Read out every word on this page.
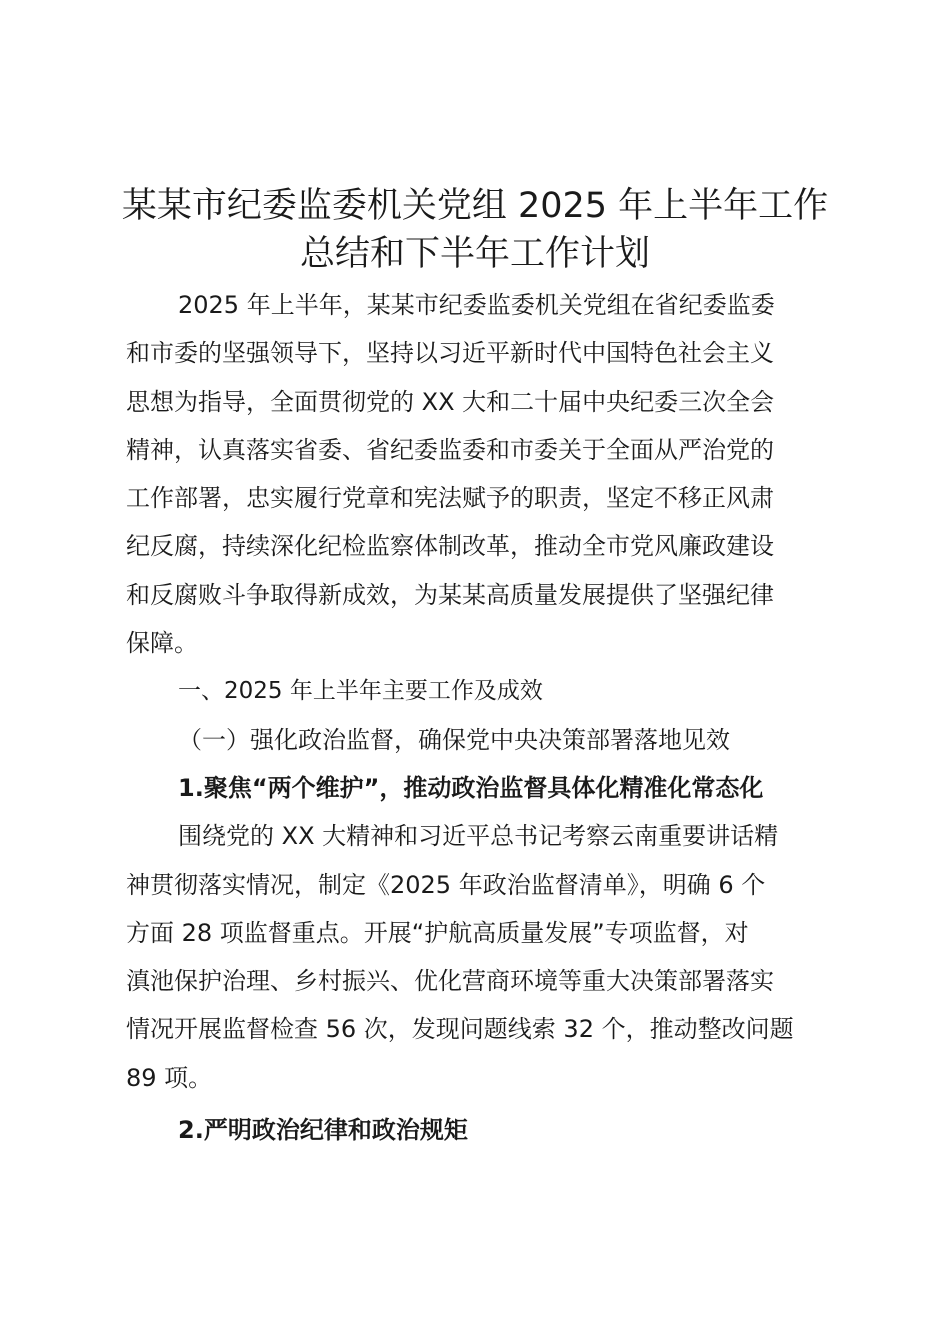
某某市纪委监委机关党组 2025 年上半年工作
总结和下半年工作计划
2025 年上半年，某某市纪委监委机关党组在省纪委监委
和市委的坚强领导下，坚持以习近平新时代中国特色社会主义
思想为指导，全面贯彻党的 XX 大和二十届中央纪委三次全会
精神，认真落实省委、省纪委监委和市委关于全面从严治党的
工作部署，忠实履行党章和宪法赋予的职责，坚定不移正风肃
纪反腐，持续深化纪检监察体制改革，推动全市党风廉政建设
和反腐败斗争取得新成效，为某某高质量发展提供了坚强纪律
保障。
一、2025 年上半年主要工作及成效
（一）强化政治监督，确保党中央决策部署落地见效
1.聚焦“两个维护”，推动政治监督具体化精准化常态化
围绕党的 XX 大精神和习近平总书记考察云南重要讲话精
神贯彻落实情况，制定《2025 年政治监督清单》，明确 6 个
方面 28 项监督重点。开展“护航高质量发展”专项监督，对
滇池保护治理、乡村振兴、优化营商环境等重大决策部署落实
情况开展监督检查 56 次，发现问题线索 32 个，推动整改问题
89 项。
2.严明政治纪律和政治规矩
